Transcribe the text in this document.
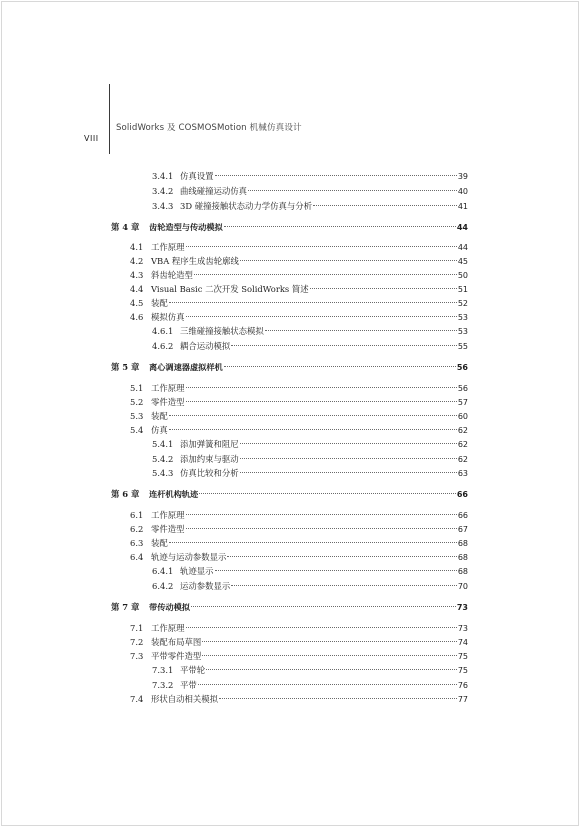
SolidWorks 及 COSMOSMotion 机械仿真设计
VIII
3.4.1 仿真设置	39
3.4.2 曲线碰撞运动仿真	40
3.4.3 3D 碰撞接触状态动力学仿真与分析	41
第 4 章	齿轮造型与传动模拟	44
4.1 工作原理	44
4.2 VBA 程序生成齿轮廓线	45
4.3 斜齿轮造型	50
4.4 Visual Basic 二次开发 SolidWorks 简述	51
4.5 装配	52
4.6 模拟仿真	53
4.6.1 三维碰撞接触状态模拟	53
4.6.2 耦合运动模拟	55
第 5 章	离心调速器虚拟样机	56
5.1 工作原理	56
5.2 零件造型	57
5.3 装配	60
5.4 仿真	62
5.4.1 添加弹簧和阻尼	62
5.4.2 添加约束与驱动	62
5.4.3 仿真比较和分析	63
第 6 章	连杆机构轨迹	66
6.1 工作原理	66
6.2 零件造型	67
6.3 装配	68
6.4 轨迹与运动参数显示	68
6.4.1 轨迹显示	68
6.4.2 运动参数显示	70
第 7 章	带传动模拟	73
7.1 工作原理	73
7.2 装配布局草图	74
7.3 平带零件造型	75
7.3.1 平带轮	75
7.3.2 平带	76
7.4 形状自动相关模拟	77
